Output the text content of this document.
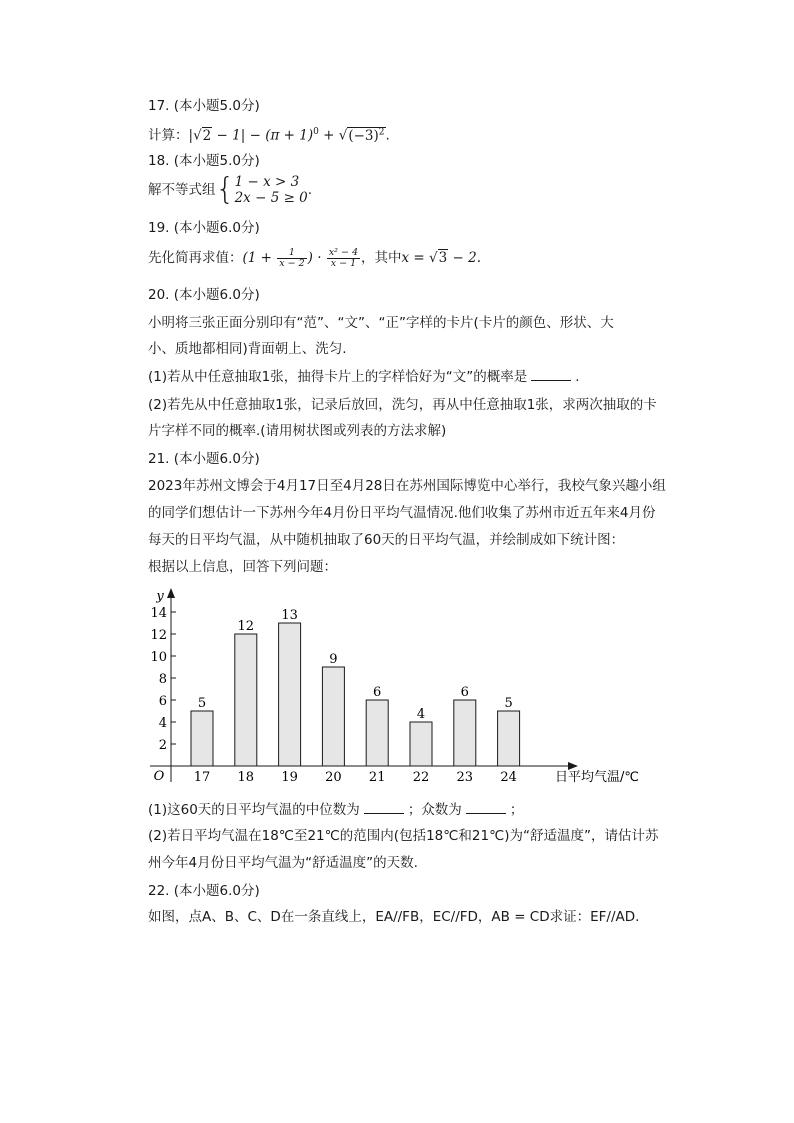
17. (本小题5.0分)
计算：$|√2 - 1| - (\pi + 1)^0 + √(-3)^2$.
18. (本小题5.0分)
解不等式组{ 1 − x > 3
2x − 5 ≥ 0 .
19. (本小题6.0分)
先化简再求值：($1 + \frac{1}{x - 2}$ ) · $\frac{\text{x² − 4}}{x - 1}$ ，其中x = √3 − 2.
20. (本小题6.0分)
小明将三张正面分别印有“范”、“文”、“正”字样的卡片(卡片的颜色、形状、大
小、质地都相同)背面朝上、洗匀.
(1)若从中任意抽取1张，抽得卡片上的字样恰好为“文”的概率是	.
(2)若先从中任意抽取1张，记录后放回，洗匀，再从中任意抽取1张，求两次抽取的卡
片字样不同的概率.(请用树状图或列表的方法求解)
21. (本小题6.0分)
2023年苏州文博会于4月17日至4月28日在苏州国际博览中心举行，我校气象兴趣小组
的同学们想估计一下苏州今年4月份日平均气温情况.他们收集了苏州市近五年来4月份
每天的日平均气温，从中随机抽取了60天的日平均气温，并绘制成如下统计图：
根据以上信息，回答下列问题：
y
O	日平均气温/℃
2
4
6
8
10
12
14
5
17
12
18
13
19
9
20
6
21
4
22
6
23
5
24
(1)这60天的日平均气温的中位数为	；众数为	；
(2)若日平均气温在18℃至21℃的范围内(包括18℃和21℃)为“舒适温度”，请估计苏
州今年4月份日平均气温为“舒适温度”的天数.
22. (本小题6.0分)
如图，点A、B、C、D在一条直线上，EA//FB，EC//FD，AB = CD求证：EF//AD.
